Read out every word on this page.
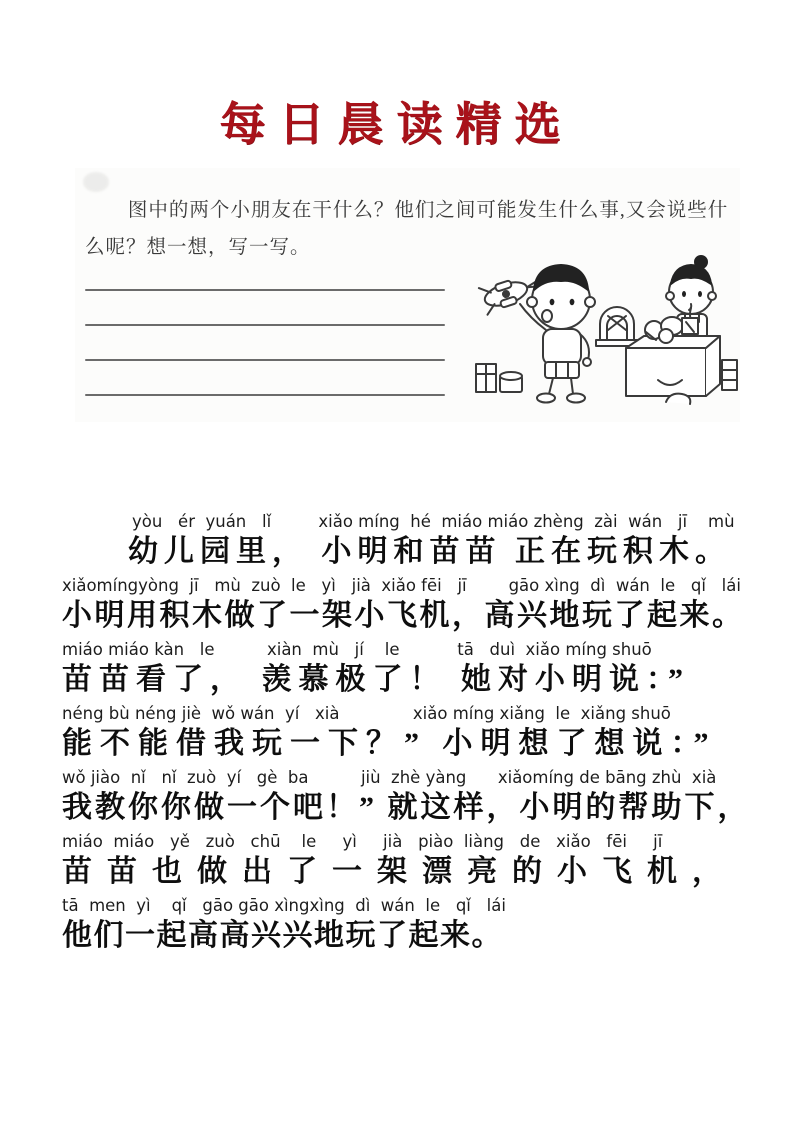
每日晨读精选
图中的两个小朋友在干什么？他们之间可能发生什么事,又会说些什
么呢？想一想，写一写。
yòu   ér  yuán   lǐ         xiǎo míng  hé  miáo miáo zhèng  zài  wán   jī    mù
幼儿园里， 小明和苗苗 正在玩积木。
xiǎomíngyòng  jī   mù  zuò  le   yì   jià  xiǎo fēi   jī        gāo xìng  dì  wán  le   qǐ   lái
小明用积木做了一架小飞机，高兴地玩了起来。
miáo miáo kàn   le          xiàn  mù   jí    le           tā   duì  xiǎo míng shuō
苗苗看了， 羡慕极了！ 她对小明说：”
néng bù néng jiè  wǒ wán  yí   xià              xiǎo míng xiǎng  le  xiǎng shuō
能不能借我玩一下？” 小明想了想说：”
wǒ jiào  nǐ   nǐ  zuò  yí   gè  ba          jiù  zhè yàng      xiǎomíng de bāng zhù  xià
我教你你做一个吧！” 就这样，小明的帮助下，
miáo  miáo   yě   zuò   chū    le     yì     jià   piào  liàng   de   xiǎo   fēi     jī
苗苗也做出了一架漂亮的小飞机，
tā  men  yì    qǐ   gāo gāo xìngxìng  dì  wán  le   qǐ   lái
他们一起高高兴兴地玩了起来。
